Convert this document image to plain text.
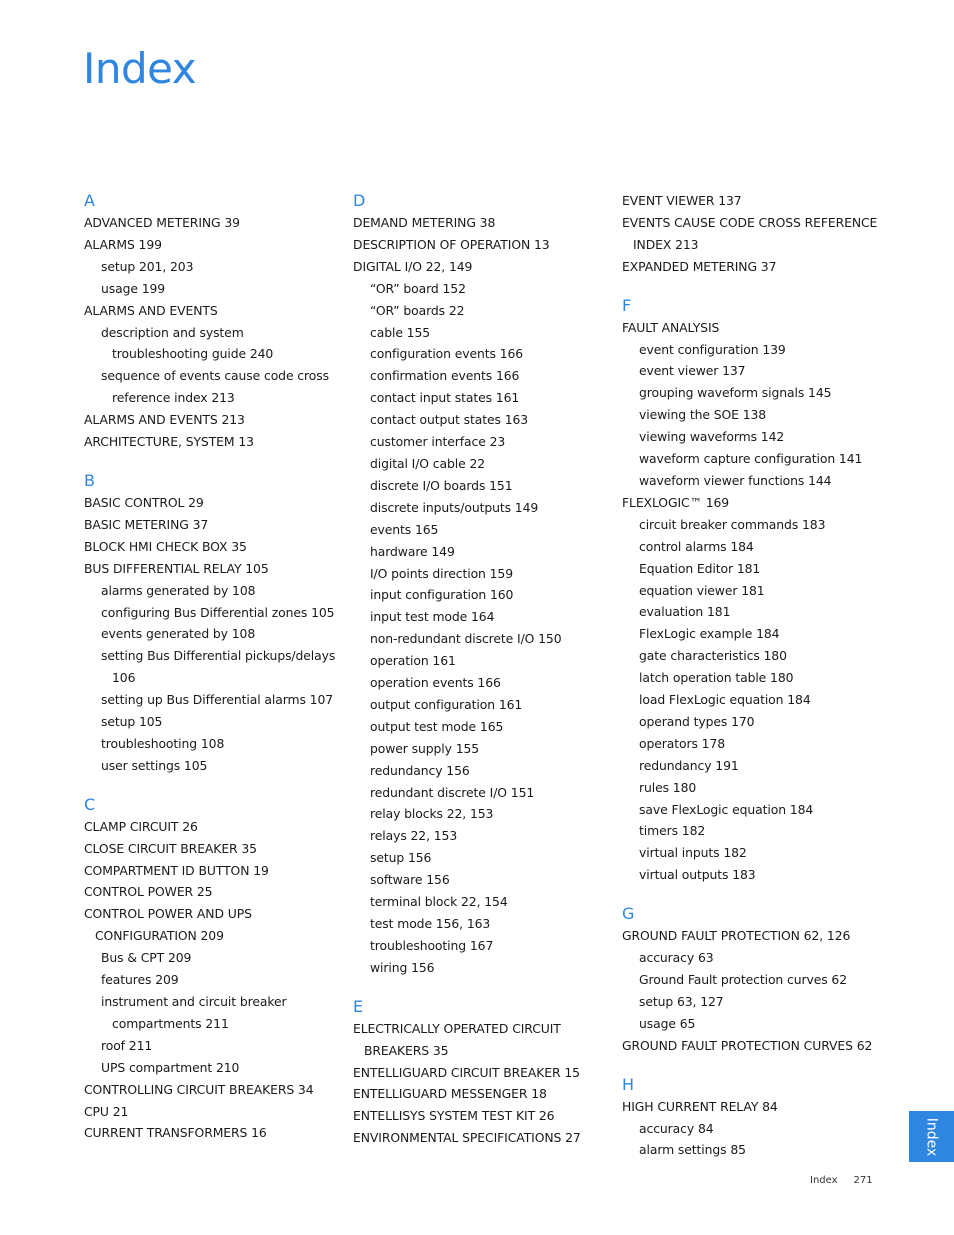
Index
A
ADVANCED METERING 39
ALARMS 199
setup 201, 203
usage 199
ALARMS AND EVENTS
description and system
troubleshooting guide 240
sequence of events cause code cross
reference index 213
ALARMS AND EVENTS 213
ARCHITECTURE, SYSTEM 13
B
BASIC CONTROL 29
BASIC METERING 37
BLOCK HMI CHECK BOX 35
BUS DIFFERENTIAL RELAY 105
alarms generated by 108
configuring Bus Differential zones 105
events generated by 108
setting Bus Differential pickups/delays
106
setting up Bus Differential alarms 107
setup 105
troubleshooting 108
user settings 105
C
CLAMP CIRCUIT 26
CLOSE CIRCUIT BREAKER 35
COMPARTMENT ID BUTTON 19
CONTROL POWER 25
CONTROL POWER AND UPS
CONFIGURATION 209
Bus & CPT 209
features 209
instrument and circuit breaker
compartments 211
roof 211
UPS compartment 210
CONTROLLING CIRCUIT BREAKERS 34
CPU 21
CURRENT TRANSFORMERS 16
D
DEMAND METERING 38
DESCRIPTION OF OPERATION 13
DIGITAL I/O 22, 149
“OR” board 152
“OR” boards 22
cable 155
configuration events 166
confirmation events 166
contact input states 161
contact output states 163
customer interface 23
digital I/O cable 22
discrete I/O boards 151
discrete inputs/outputs 149
events 165
hardware 149
I/O points direction 159
input configuration 160
input test mode 164
non-redundant discrete I/O 150
operation 161
operation events 166
output configuration 161
output test mode 165
power supply 155
redundancy 156
redundant discrete I/O 151
relay blocks 22, 153
relays 22, 153
setup 156
software 156
terminal block 22, 154
test mode 156, 163
troubleshooting 167
wiring 156
E
ELECTRICALLY OPERATED CIRCUIT
BREAKERS 35
ENTELLIGUARD CIRCUIT BREAKER 15
ENTELLIGUARD MESSENGER 18
ENTELLISYS SYSTEM TEST KIT 26
ENVIRONMENTAL SPECIFICATIONS 27
EVENT VIEWER 137
EVENTS CAUSE CODE CROSS REFERENCE
INDEX 213
EXPANDED METERING 37
F
FAULT ANALYSIS
event configuration 139
event viewer 137
grouping waveform signals 145
viewing the SOE 138
viewing waveforms 142
waveform capture configuration 141
waveform viewer functions 144
FLEXLOGIC™ 169
circuit breaker commands 183
control alarms 184
Equation Editor 181
equation viewer 181
evaluation 181
FlexLogic example 184
gate characteristics 180
latch operation table 180
load FlexLogic equation 184
operand types 170
operators 178
redundancy 191
rules 180
save FlexLogic equation 184
timers 182
virtual inputs 182
virtual outputs 183
G
GROUND FAULT PROTECTION 62, 126
accuracy 63
Ground Fault protection curves 62
setup 63, 127
usage 65
GROUND FAULT PROTECTION CURVES 62
H
HIGH CURRENT RELAY 84
accuracy 84
alarm settings 85	Index
Index 271
